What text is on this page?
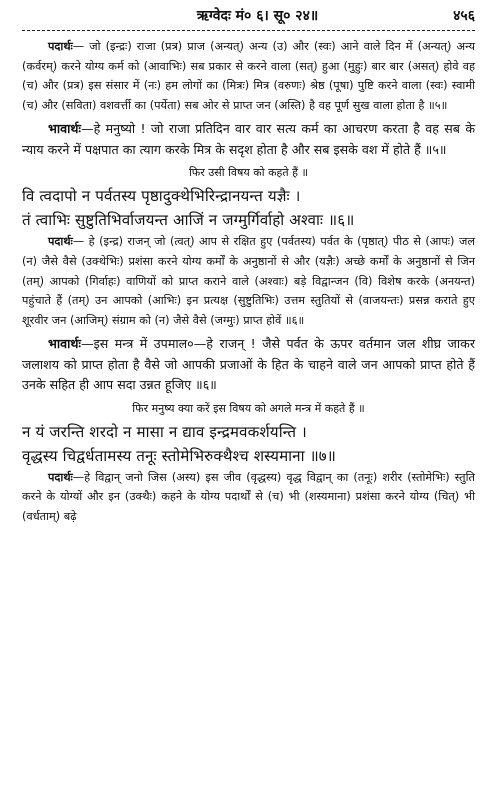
ऋग्वेदः मं० ६। सू० २४॥	४५६

पदार्थः— जो (इन्द्रः) राजा (प्रत्र) प्राज (अन्यत्) अन्य (उ) और (स्वः) आने वाले दिन में (अन्यत्) अन्य (कर्वरम्) करने योग्य कर्म को (आवाभिः) सब प्रकार से करने वाला (सत्) हुआ (मुहुः) बार बार (असत्) होवे वह (च) और (प्रत्र) इस संसार में (नः) हम लोगों का (मित्रः) मित्र (वरुणः) श्रेष्ठ (पूषा) पुष्टि करने वाला (स्वः) स्वामी (च) और (सविता) वशवर्त्ती का (पर्येता) सब ओर से प्राप्त जन (अस्ति) है वह पूर्ण सुख वाला होता है ॥५॥

भावार्थः—हे मनुष्यो ! जो राजा प्रतिदिन वार वार सत्य कर्म का आचरण करता है वह सब के न्याय करने में पक्षपात का त्याग करके मित्र के सदृश होता है और सब इसके वश में होते हैं ॥५॥

फिर उसी विषय को कहते हैं ॥
वि त्वदापो न पर्वतस्य पृष्ठादुक्थेभिरिन्द्रानयन्त यज्ञैः ।
तं त्वाभिः सुष्टुतिभिर्वाजयन्त आजिं न जग्मुर्गिर्वाहो अश्वाः ॥६॥

पदार्थः— हे (इन्द्र) राजन् जो (त्वत्) आप से रक्षित हुए (पर्वतस्य) पर्वत के (पृष्ठात्) पीठ से (आपः) जल (न) जैसे वैसे (उक्थेभिः) प्रशंसा करने योग्य कर्मों के अनुष्ठानों से और (यज्ञैः) अच्छे कर्मों के अनुष्ठानों से जिन (तम्) आपको (गिर्वाहः) वाणियों को प्राप्त कराने वाले (अश्वाः) बड़े विद्वान्जन (वि) विशेष करके (अनयन्त) पहुंचाते हैं (तम्) उन आपको (आभिः) इन प्रत्यक्ष (सुष्टुतिभिः) उत्तम स्तुतियों से (वाजयन्तः) प्रसन्न कराते हुए शूरवीर जन (आजिम्) संग्राम को (न) जैसे वैसे (जग्मुः) प्राप्त होवें ॥६॥

भावार्थः—इस मन्त्र में उपमाल०—हे राजन् ! जैसे पर्वत के ऊपर वर्तमान जल शीघ्र जाकर जलाशय को प्राप्त होता है वैसे जो आपकी प्रजाओं के हित के चाहने वाले जन आपको प्राप्त होते हैं उनके सहित ही आप सदा उन्नत हूजिए ॥६॥

फिर मनुष्य क्या करें इस विषय को अगले मन्त्र में कहते हैं ॥
न यं जरन्ति शरदो न मासा न द्याव इन्द्रमवकर्शयन्ति ।
वृद्धस्य चिद्वर्धतामस्य तनूः स्तोमेभिरुक्थैश्च शस्यमाना ॥७॥

पदार्थः—हे विद्वान् जनो जिस (अस्य) इस जीव (वृद्धस्य) वृद्ध विद्वान् का (तनूः) शरीर (स्तोमेभिः) स्तुति करने के योग्यों और इन (उक्थैः) कहने के योग्य पदार्थों से (च) भी (शस्यमाना) प्रशंसा करने योग्य (चित्) भी (वर्धताम्) बढ़े
